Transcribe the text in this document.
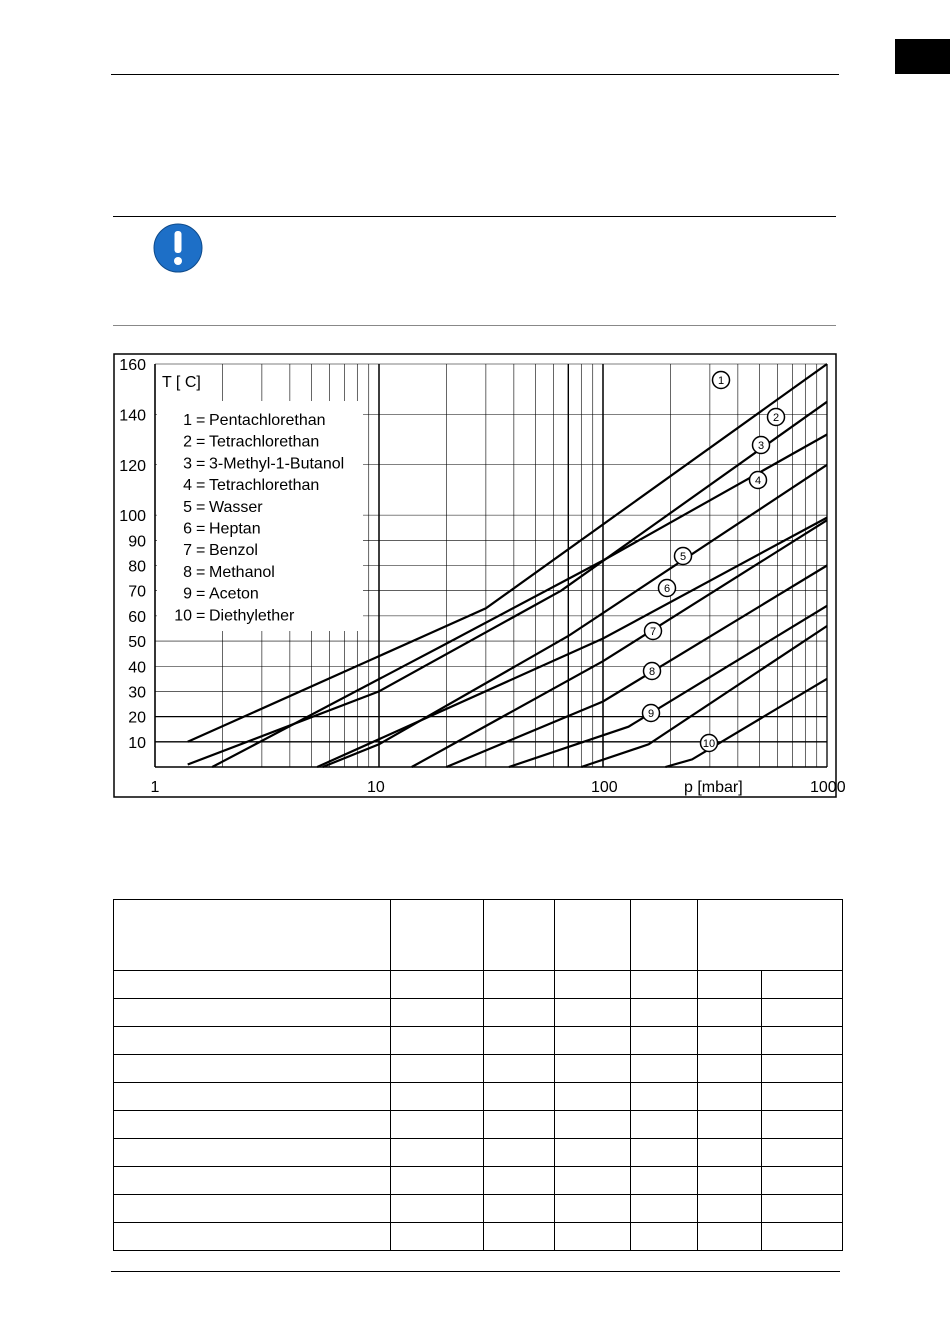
160
140
120
100
90
80
70
60
50
40
30
20
10
1	10	100	1000
1 = Pentachlorethan
2 = Tetrachlorethan
3 = 3-Methyl-1-Butanol
4 = Tetrachlorethan
5 = Wasser
6 = Heptan
7 = Benzol
8 = Methanol
9 = Aceton
10 = Diethylether
1
2
3
4
5
6
7
8
9
10
T [ C]
p [mbar]
